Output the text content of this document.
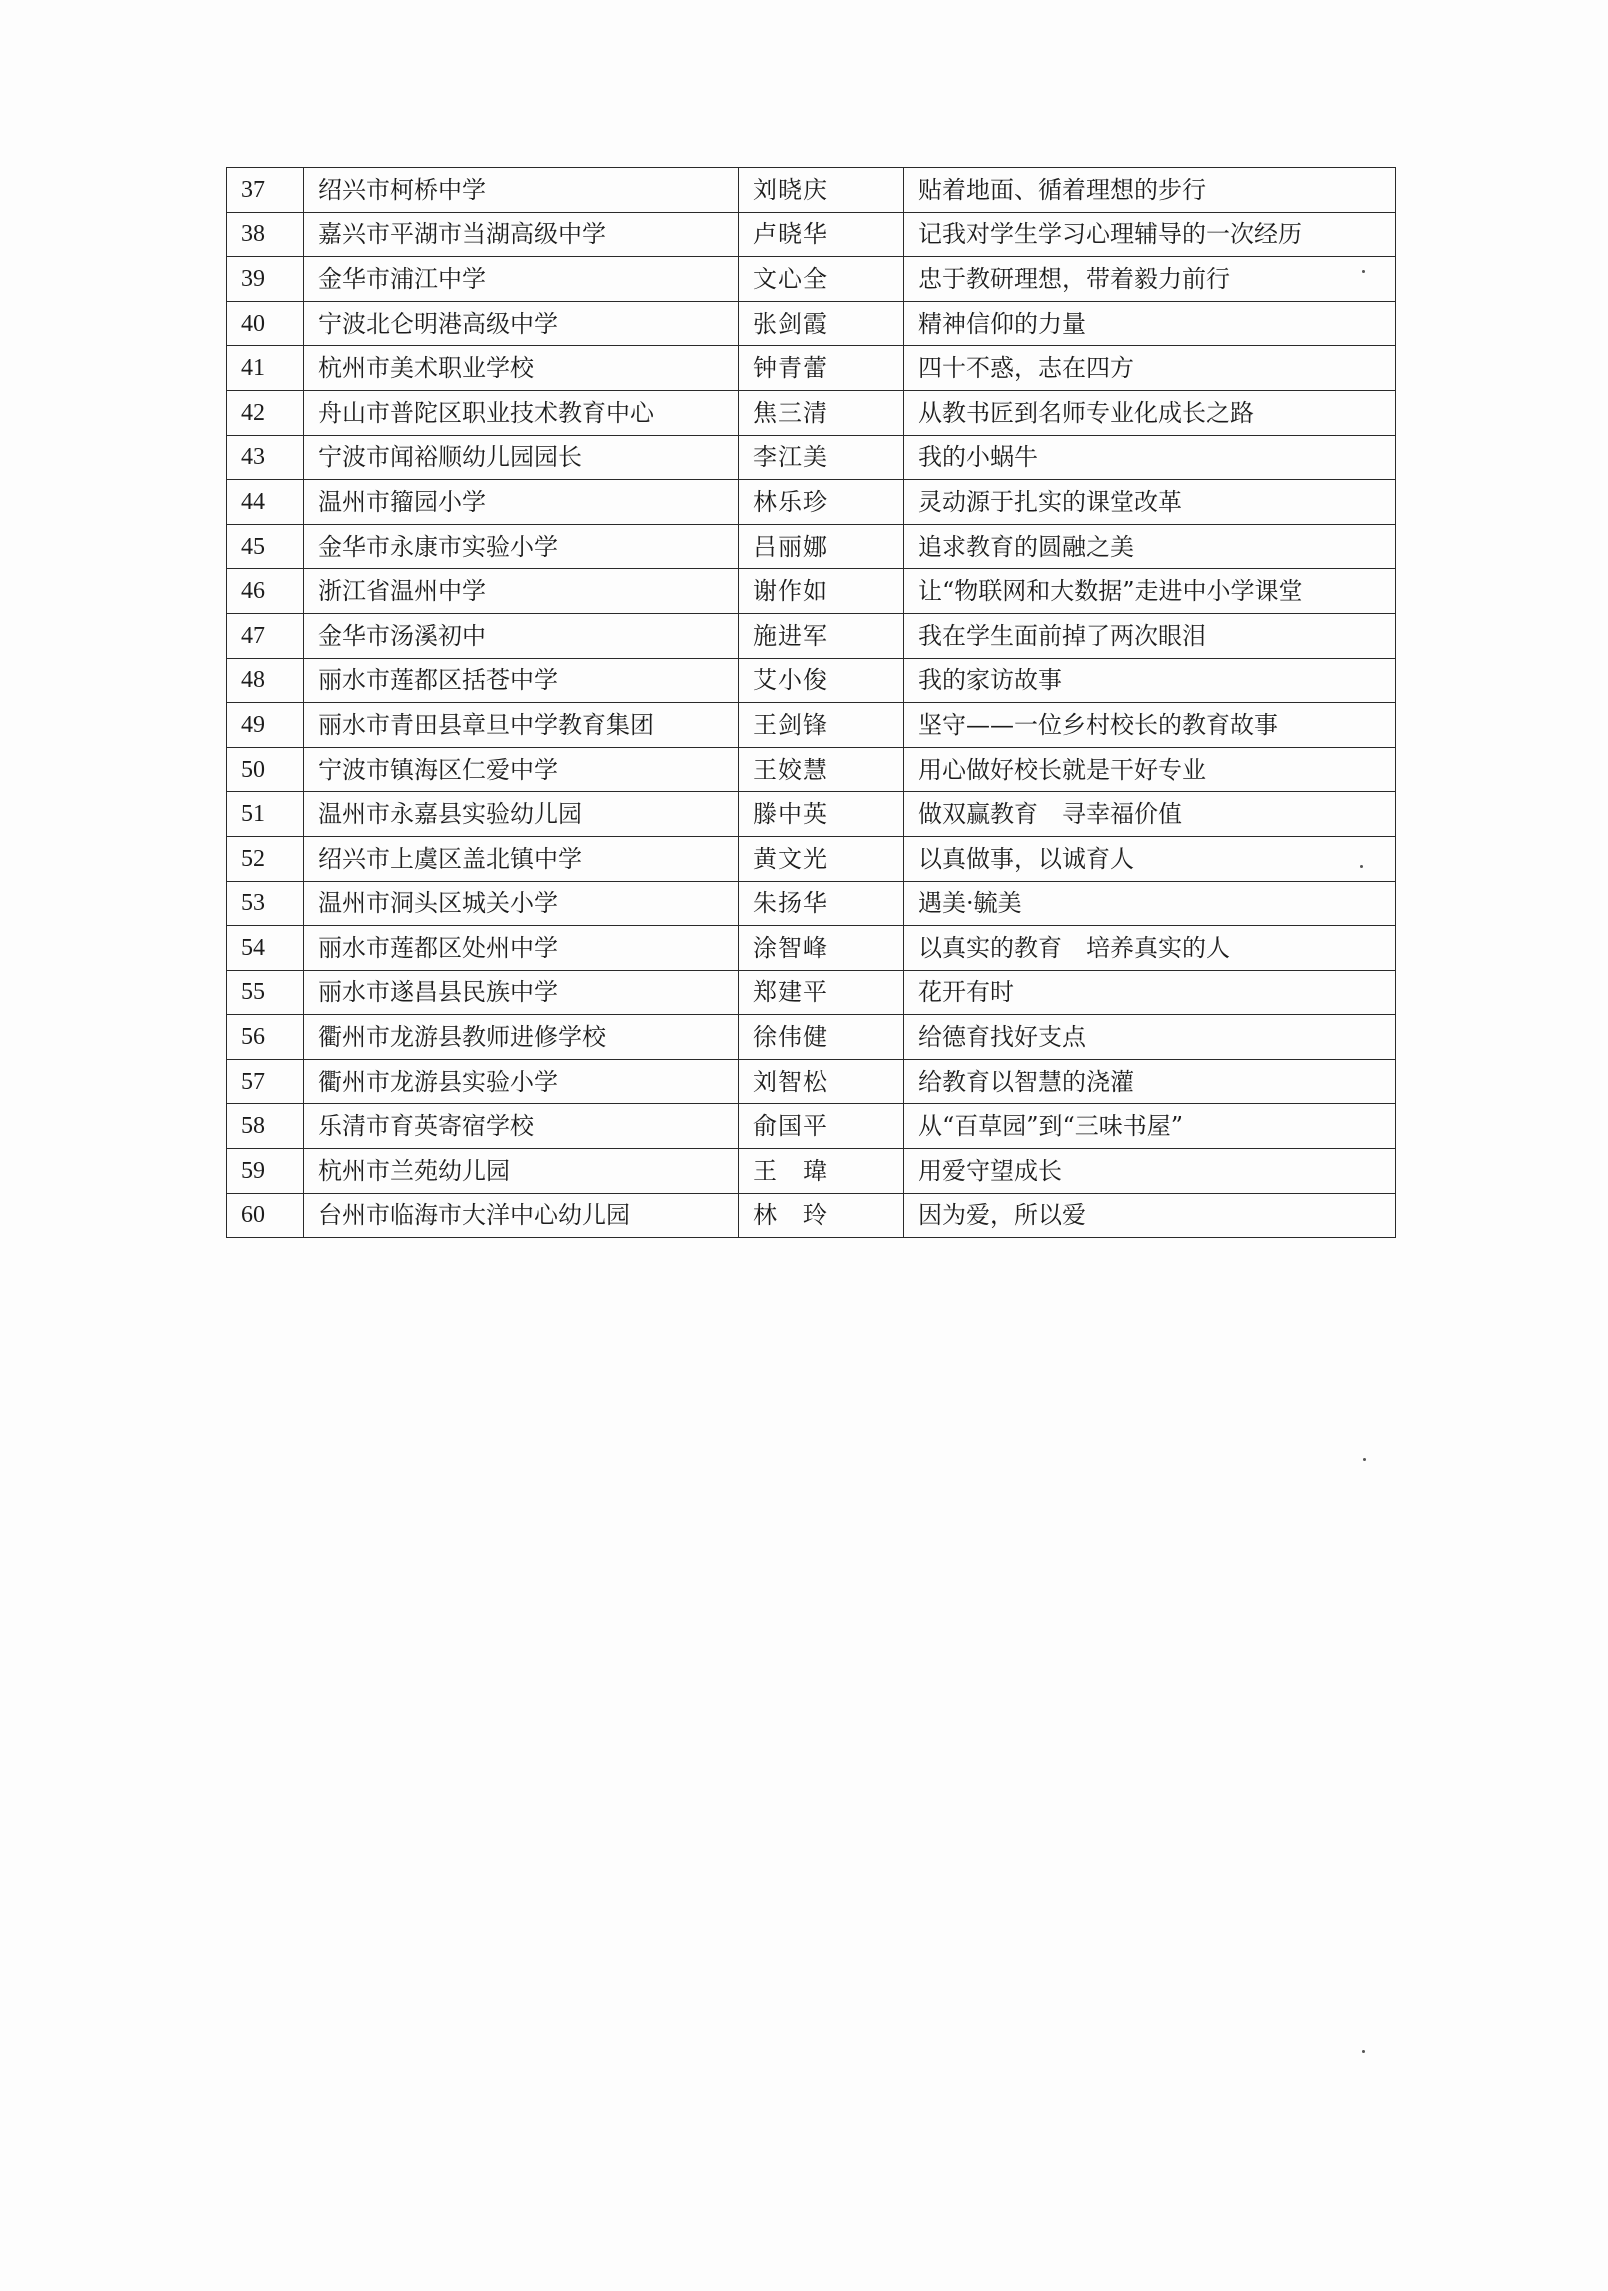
37	绍兴市柯桥中学	刘晓庆	贴着地面、循着理想的步行
38	嘉兴市平湖市当湖高级中学	卢晓华	记我对学生学习心理辅导的一次经历
39	金华市浦江中学	文心全	忠于教研理想，带着毅力前行
40	宁波北仑明港高级中学	张剑霞	精神信仰的力量
41	杭州市美术职业学校	钟青蕾	四十不惑，志在四方
42	舟山市普陀区职业技术教育中心	焦三清	从教书匠到名师专业化成长之路
43	宁波市闻裕顺幼儿园园长	李江美	我的小蜗牛
44	温州市籀园小学	林乐珍	灵动源于扎实的课堂改革
45	金华市永康市实验小学	吕丽娜	追求教育的圆融之美
46	浙江省温州中学	谢作如	让“物联网和大数据”走进中小学课堂
47	金华市汤溪初中	施进军	我在学生面前掉了两次眼泪
48	丽水市莲都区括苍中学	艾小俊	我的家访故事
49	丽水市青田县章旦中学教育集团	王剑锋	坚守——一位乡村校长的教育故事
50	宁波市镇海区仁爱中学	王姣慧	用心做好校长就是干好专业
51	温州市永嘉县实验幼儿园	滕中英	做双赢教育　寻幸福价值
52	绍兴市上虞区盖北镇中学	黄文光	以真做事，以诚育人
53	温州市洞头区城关小学	朱扬华	遇美·毓美
54	丽水市莲都区处州中学	涂智峰	以真实的教育　培养真实的人
55	丽水市遂昌县民族中学	郑建平	花开有时
56	衢州市龙游县教师进修学校	徐伟健	给德育找好支点
57	衢州市龙游县实验小学	刘智松	给教育以智慧的浇灌
58	乐清市育英寄宿学校	俞国平	从“百草园”到“三味书屋”
59	杭州市兰苑幼儿园	王　瑋	用爱守望成长
60	台州市临海市大洋中心幼儿园	林　玲	因为爱，所以爱
